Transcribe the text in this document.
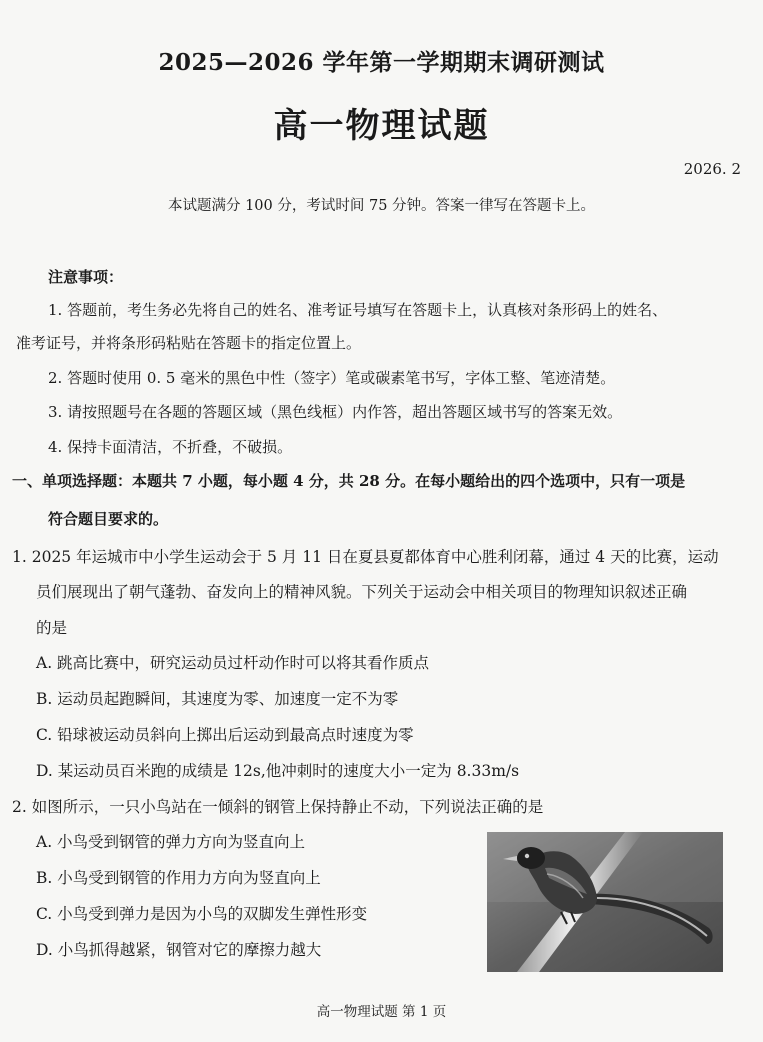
2025—2026 学年第一学期期末调研测试
高一物理试题
2026. 2
本试题满分 100 分，考试时间 75 分钟。答案一律写在答题卡上。
注意事项：
1. 答题前，考生务必先将自己的姓名、准考证号填写在答题卡上，认真核对条形码上的姓名、
准考证号，并将条形码粘贴在答题卡的指定位置上。
2. 答题时使用 0. 5 毫米的黑色中性（签字）笔或碳素笔书写，字体工整、笔迹清楚。
3. 请按照题号在各题的答题区域（黑色线框）内作答，超出答题区域书写的答案无效。
4. 保持卡面清洁，不折叠，不破损。
一、单项选择题：本题共 7 小题，每小题 4 分，共 28 分。在每小题给出的四个选项中，只有一项是
符合题目要求的。
1. 2025 年运城市中小学生运动会于 5 月 11 日在夏县夏都体育中心胜利闭幕，通过 4 天的比赛，运动
员们展现出了朝气蓬勃、奋发向上的精神风貌。下列关于运动会中相关项目的物理知识叙述正确
的是
A. 跳高比赛中，研究运动员过杆动作时可以将其看作质点
B. 运动员起跑瞬间，其速度为零、加速度一定不为零
C. 铅球被运动员斜向上掷出后运动到最高点时速度为零
D. 某运动员百米跑的成绩是 12s,他冲刺时的速度大小一定为 8.33m/s
2. 如图所示，一只小鸟站在一倾斜的钢管上保持静止不动，下列说法正确的是
A. 小鸟受到钢管的弹力方向为竖直向上
B. 小鸟受到钢管的作用力方向为竖直向上
C. 小鸟受到弹力是因为小鸟的双脚发生弹性形变
D. 小鸟抓得越紧，钢管对它的摩擦力越大
高一物理试题 第 1 页
